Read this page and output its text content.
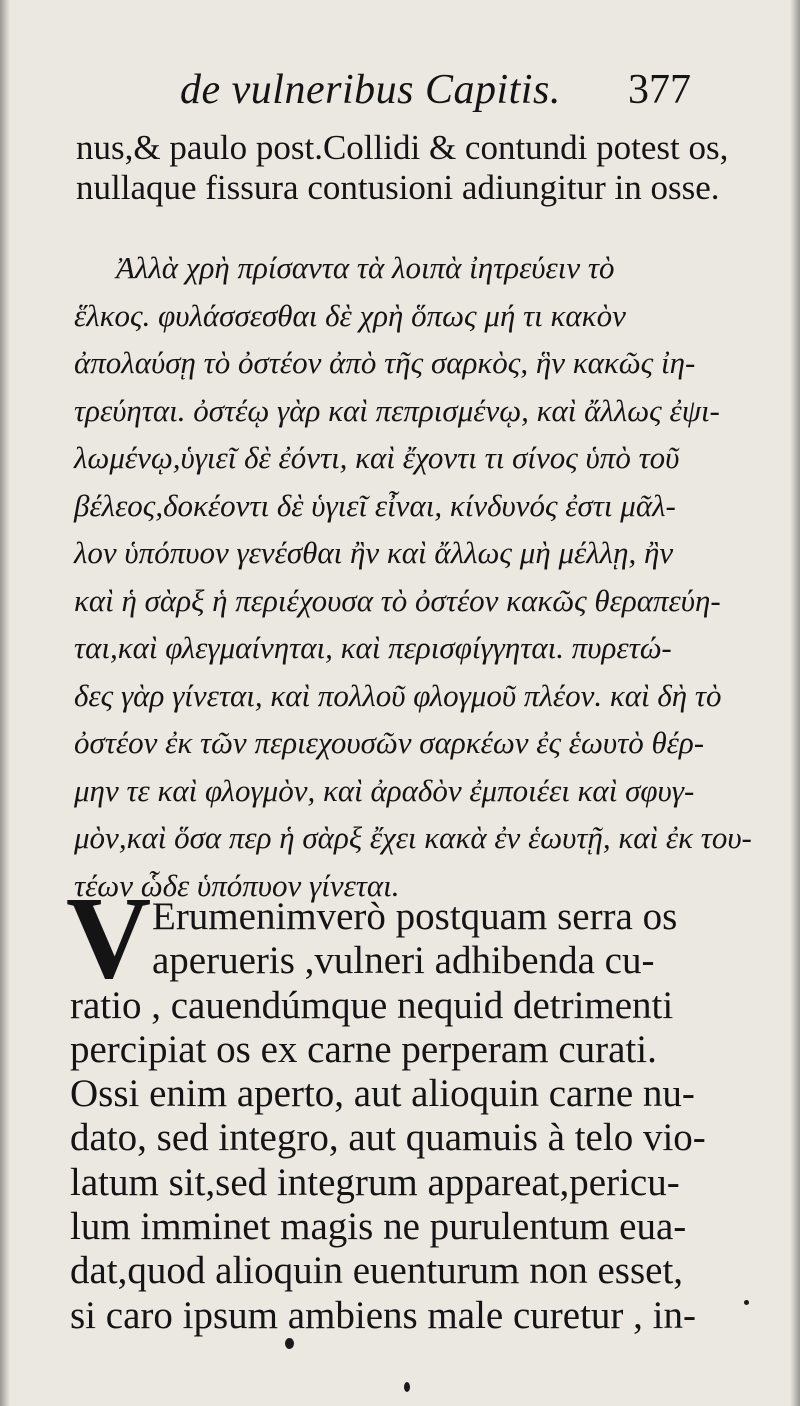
de vulneribus Capitis. 377
nus,& paulo post.Collidi & contundi potest os,
nullaque fissura contusioni adiungitur in osse.
Ἀλλὰ χρὴ πρίσαντα τὰ λοιπὰ ἰητρεύειν τὸ
ἕλκος. φυλάσσεσθαι δὲ χρὴ ὅπως μή τι κακὸν
ἀπολαύσῃ τὸ ὀστέον ἀπὸ τῆς σαρκὸς, ἣν κακῶς ἰη-
τρεύηται. ὀστέῳ γὰρ καὶ πεπρισμένῳ, καὶ ἄλλως ἐψι-
λωμένῳ,ὑγιεῖ δὲ ἐόντι, καὶ ἔχοντι τι σίνος ὑπὸ τοῦ
βέλεος,δοκέοντι δὲ ὑγιεῖ εἶναι, κίνδυνός ἐστι μᾶλ-
λον ὑπόπυον γενέσθαι ἢν καὶ ἄλλως μὴ μέλλῃ, ἢν
καὶ ἡ σὰρξ ἡ περιέχουσα τὸ ὀστέον κακῶς θεραπεύη-
ται,καὶ φλεγμαίνηται, καὶ περισφίγγηται. πυρετώ-
δες γὰρ γίνεται, καὶ πολλοῦ φλογμοῦ πλέον. καὶ δὴ τὸ
ὀστέον ἐκ τῶν περιεχουσῶν σαρκέων ἐς ἑωυτὸ θέρ-
μην τε καὶ φλογμὸν, καὶ ἀραδὸν ἐμποιέει καὶ σφυγ-
μὸν,καὶ ὅσα περ ἡ σὰρξ ἔχει κακὰ ἐν ἑωυτῇ, καὶ ἐκ του-
τέων ὧδε ὑπόπυον γίνεται.
V Erumenimverò postquam serra os
aperueris ,vulneri adhibenda cu-
ratio , cauendúmque nequid detrimenti
percipiat os ex carne perperam curati.
Ossi enim aperto, aut alioquin carne nu-
dato, sed integro, aut quamuis à telo vio-
latum sit,sed integrum appareat,pericu-
lum imminet magis ne purulentum eua-
dat,quod alioquin euenturum non esset,
si caro ipsum ambiens male curetur , in-
